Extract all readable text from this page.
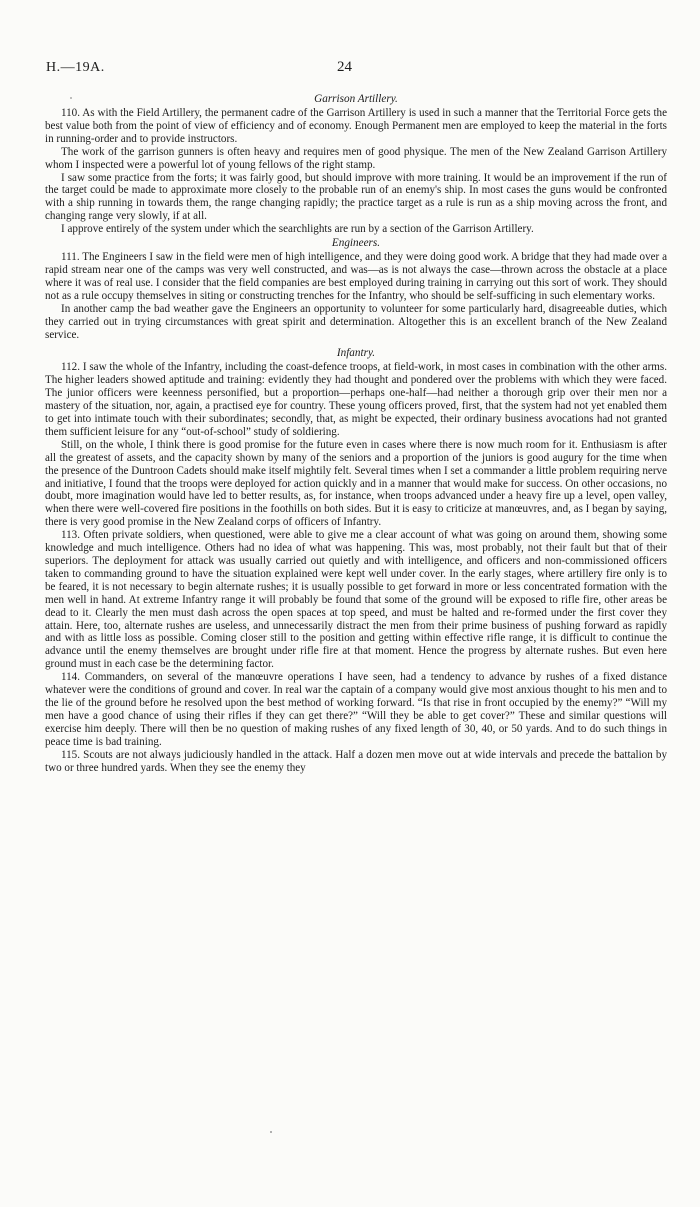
H.—19A.	24
Garrison Artillery.

110. As with the Field Artillery, the permanent cadre of the Garrison Artillery is used in such a manner that the Territorial Force gets the best value both from the point of view of efficiency and of economy. Enough Permanent men are employed to keep the material in the forts in running-order and to provide instructors.

The work of the garrison gunners is often heavy and requires men of good physique. The men of the New Zealand Garrison Artillery whom I inspected were a powerful lot of young fellows of the right stamp.

I saw some practice from the forts; it was fairly good, but should improve with more training. It would be an improvement if the run of the target could be made to approximate more closely to the probable run of an enemy's ship. In most cases the guns would be confronted with a ship running in towards them, the range changing rapidly; the practice target as a rule is run as a ship moving across the front, and changing range very slowly, if at all.

I approve entirely of the system under which the searchlights are run by a section of the Garrison Artillery.

Engineers.

111. The Engineers I saw in the field were men of high intelligence, and they were doing good work. A bridge that they had made over a rapid stream near one of the camps was very well constructed, and was—as is not always the case—thrown across the obstacle at a place where it was of real use. I consider that the field companies are best employed during training in carrying out this sort of work. They should not as a rule occupy themselves in siting or constructing trenches for the Infantry, who should be self-sufficing in such elementary works.

In another camp the bad weather gave the Engineers an opportunity to volunteer for some particularly hard, disagreeable duties, which they carried out in trying circumstances with great spirit and determination. Altogether this is an excellent branch of the New Zealand service.

Infantry.

112. I saw the whole of the Infantry, including the coast-defence troops, at field-work, in most cases in combination with the other arms. The higher leaders showed aptitude and training: evidently they had thought and pondered over the problems with which they were faced. The junior officers were keenness personified, but a proportion—perhaps one-half—had neither a thorough grip over their men nor a mastery of the situation, nor, again, a practised eye for country. These young officers proved, first, that the system had not yet enabled them to get into intimate touch with their subordinates; secondly, that, as might be expected, their ordinary business avocations had not granted them sufficient leisure for any “out-of-school” study of soldiering.

Still, on the whole, I think there is good promise for the future even in cases where there is now much room for it. Enthusiasm is after all the greatest of assets, and the capacity shown by many of the seniors and a proportion of the juniors is good augury for the time when the presence of the Duntroon Cadets should make itself mightily felt. Several times when I set a commander a little problem requiring nerve and initiative, I found that the troops were deployed for action quickly and in a manner that would make for success. On other occasions, no doubt, more imagination would have led to better results, as, for instance, when troops advanced under a heavy fire up a level, open valley, when there were well-covered fire positions in the foothills on both sides. But it is easy to criticize at manœuvres, and, as I began by saying, there is very good promise in the New Zealand corps of officers of Infantry.

113. Often private soldiers, when questioned, were able to give me a clear account of what was going on around them, showing some knowledge and much intelligence. Others had no idea of what was happening. This was, most probably, not their fault but that of their superiors. The deployment for attack was usually carried out quietly and with intelligence, and officers and non-commissioned officers taken to commanding ground to have the situation explained were kept well under cover. In the early stages, where artillery fire only is to be feared, it is not necessary to begin alternate rushes; it is usually possible to get forward in more or less concentrated formation with the men well in hand. At extreme Infantry range it will probably be found that some of the ground will be exposed to rifle fire, other areas be dead to it. Clearly the men must dash across the open spaces at top speed, and must be halted and re-formed under the first cover they attain. Here, too, alternate rushes are useless, and unnecessarily distract the men from their prime business of pushing forward as rapidly and with as little loss as possible. Coming closer still to the position and getting within effective rifle range, it is difficult to continue the advance until the enemy themselves are brought under rifle fire at that moment. Hence the progress by alternate rushes. But even here ground must in each case be the determining factor.

114. Commanders, on several of the manœuvre operations I have seen, had a tendency to advance by rushes of a fixed distance whatever were the conditions of ground and cover. In real war the captain of a company would give most anxious thought to his men and to the lie of the ground before he resolved upon the best method of working forward. “Is that rise in front occupied by the enemy?” “Will my men have a good chance of using their rifles if they can get there?” “Will they be able to get cover?” These and similar questions will exercise him deeply. There will then be no question of making rushes of any fixed length of 30, 40, or 50 yards. And to do such things in peace time is bad training.

115. Scouts are not always judiciously handled in the attack. Half a dozen men move out at wide intervals and precede the battalion by two or three hundred yards. When they see the enemy they
